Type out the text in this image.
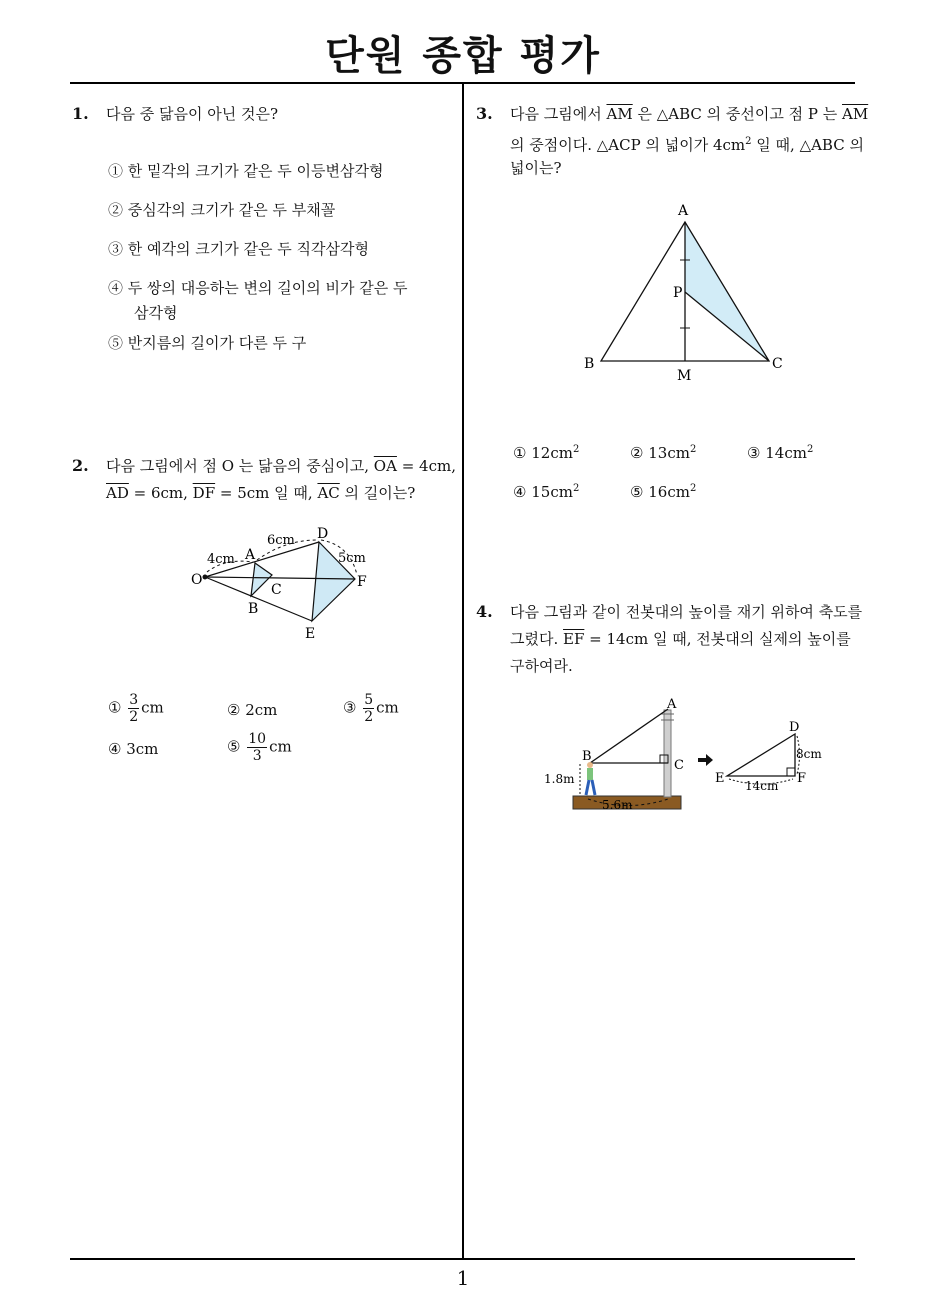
단원 종합 평가
1
1. 다음 중 닮음이 아닌 것은?
① 한 밑각의 크기가 같은 두 이등변삼각형
② 중심각의 크기가 같은 두 부채꼴
③ 한 예각의 크기가 같은 두 직각삼각형
④ 두 쌍의 대응하는 변의 길이의 비가 같은 두
삼각형
⑤ 반지름의 길이가 다른 두 구
2. 다음 그림에서 점 O 는 닮음의 중심이고, $\overline{OA} = 4cm$,
$\overline{AD} = 6cm$, $\overline{DF} = 5cm$ 일 때, $\overline{AC}$ 의 길이는?
O
A
B
C
D
E
F
4cm
6cm
5cm
① $\frac{3}{2}$ cm	② 2cm	③ $\frac{5}{2}$ cm
④ 3cm	⑤ $\frac{10}{3}$ cm
3. 다음 그림에서 $\overline{AM}$ 은 △ABC 의 중선이고 점 P 는 $\overline{AM}$
의 중점이다. △ACP 의 넓이가 $4cm^2$ 일 때, △ABC 의
넓이는?
A
B	C
M
P
① $12cm^2$	② $13cm^2$	③ $14cm^2$
④ $15cm^2$	⑤ $16cm^2$
4. 다음 그림과 같이 전봇대의 높이를 재기 위하여 축도를
그렸다. $\overline{EF} = 14cm$ 일 때, 전봇대의 실제의 높이를
구하여라.
A
B
C
1.8m
5.6m
D
E	F
8cm
14cm
